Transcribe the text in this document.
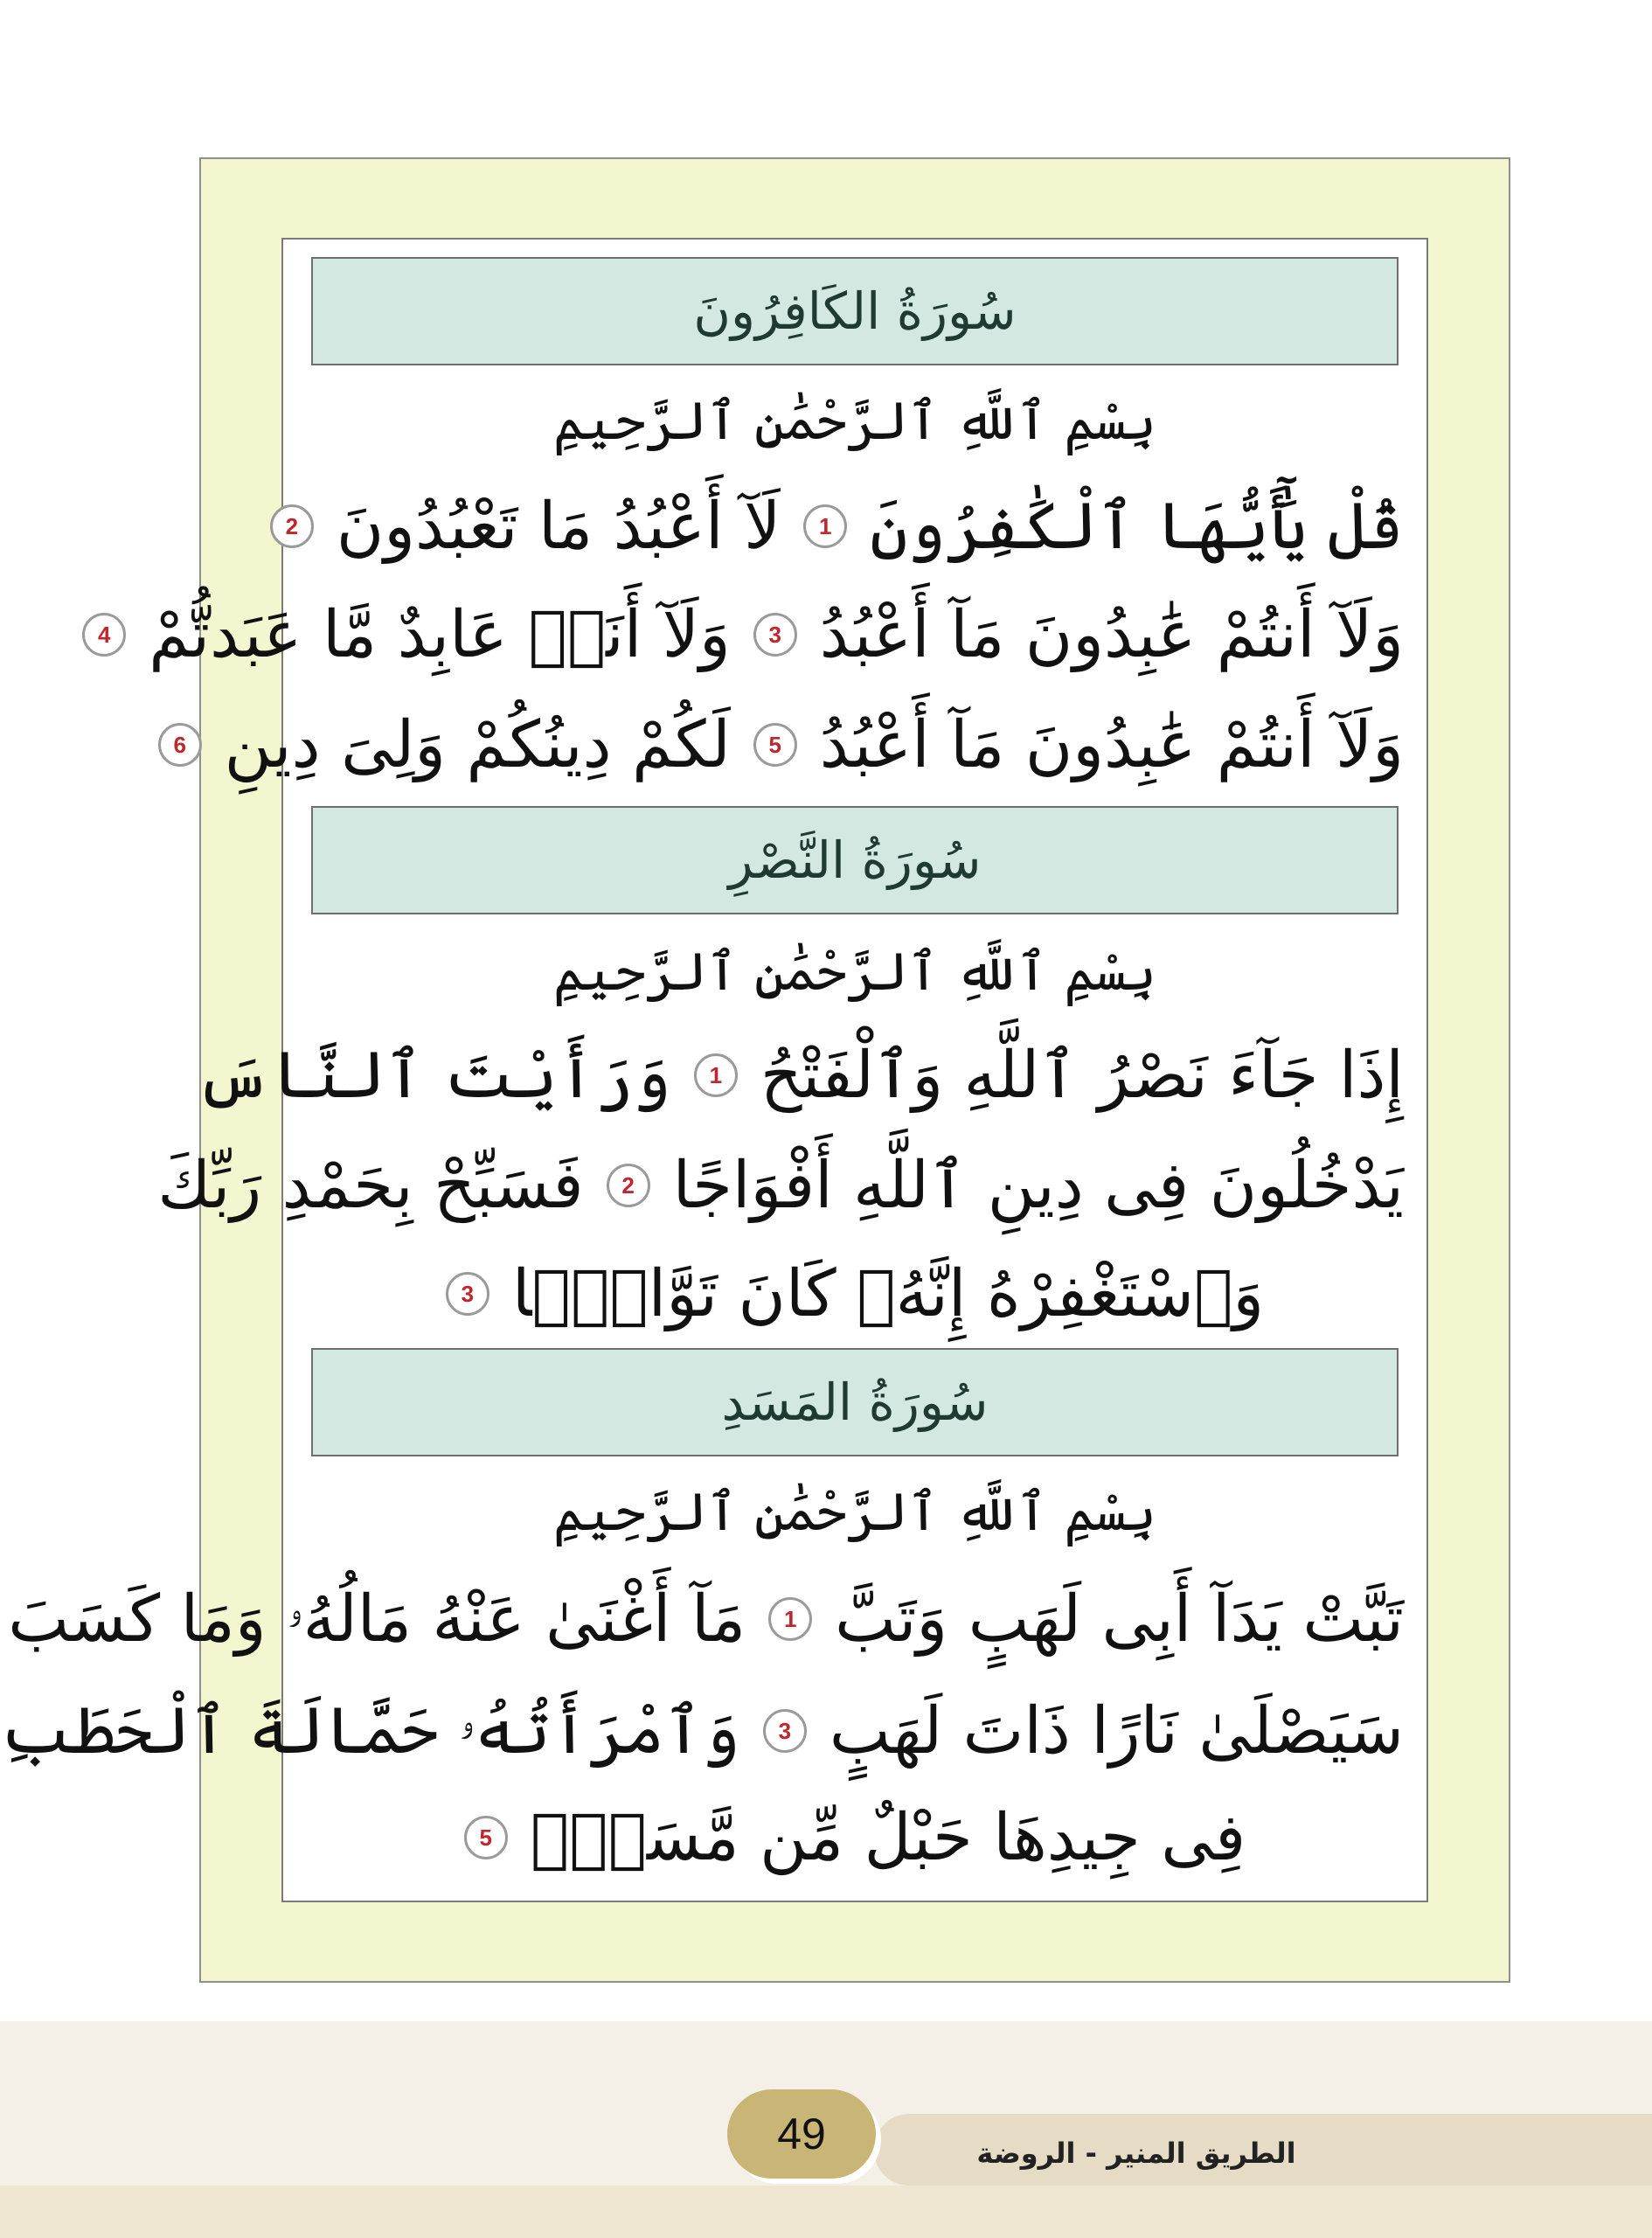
سُورَةُ الكَافِرُونَ
بِسْمِ ٱللَّهِ ٱلرَّحْمَٰنِ ٱلرَّحِيمِ
قُلْ يَٰٓأَيُّهَا ٱلْكَٰفِرُونَ
1
لَآ أَعْبُدُ مَا تَعْبُدُونَ
2
وَلَآ أَنتُمْ عَٰبِدُونَ مَآ أَعْبُدُ
3
وَلَآ أَنَا۠ عَابِدٌ مَّا عَبَدتُّمْ
4
وَلَآ أَنتُمْ عَٰبِدُونَ مَآ أَعْبُدُ
5
لَكُمْ دِينُكُمْ وَلِىَ دِينِ
6
سُورَةُ النَّصْرِ
بِسْمِ ٱللَّهِ ٱلرَّحْمَٰنِ ٱلرَّحِيمِ
إِذَا جَآءَ نَصْرُ ٱللَّهِ وَٱلْفَتْحُ
1
وَرَأَيْتَ ٱلنَّاسَ
يَدْخُلُونَ فِى دِينِ ٱللَّهِ أَفْوَاجًا
2
فَسَبِّحْ بِحَمْدِ رَبِّكَ
وَٱسْتَغْفِرْهُ إِنَّهُۥ كَانَ تَوَّابًۢا
3
سُورَةُ المَسَدِ
بِسْمِ ٱللَّهِ ٱلرَّحْمَٰنِ ٱلرَّحِيمِ
تَبَّتْ يَدَآ أَبِى لَهَبٍ وَتَبَّ
1
مَآ أَغْنَىٰ عَنْهُ مَالُهُۥ وَمَا كَسَبَ
سَيَصْلَىٰ نَارًا ذَاتَ لَهَبٍ
3
وَٱمْرَأَتُهُۥ حَمَّالَةَ ٱلْحَطَبِ
فِى جِيدِهَا حَبْلٌ مِّن مَّسَدٍۭ
5
49	الطريق المنير - الروضة
